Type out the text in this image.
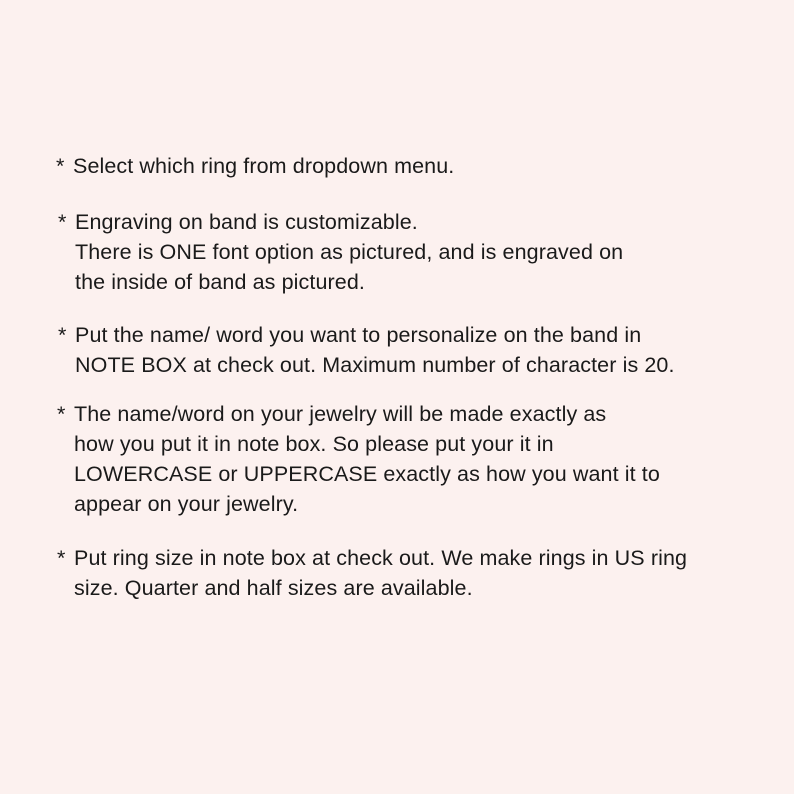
* Select which ring from dropdown menu.
* Engraving on band is customizable.
There is ONE font option as pictured, and is engraved on
the inside of band as pictured.
* Put the name/ word you want to personalize on the band in
NOTE BOX at check out. Maximum number of character is 20.
* The name/word on your jewelry will be made exactly as
how you put it in note box. So please put your it in
LOWERCASE or UPPERCASE exactly as how you want it to
appear on your jewelry.
* Put ring size in note box at check out. We make rings in US ring
size. Quarter and half sizes are available.
